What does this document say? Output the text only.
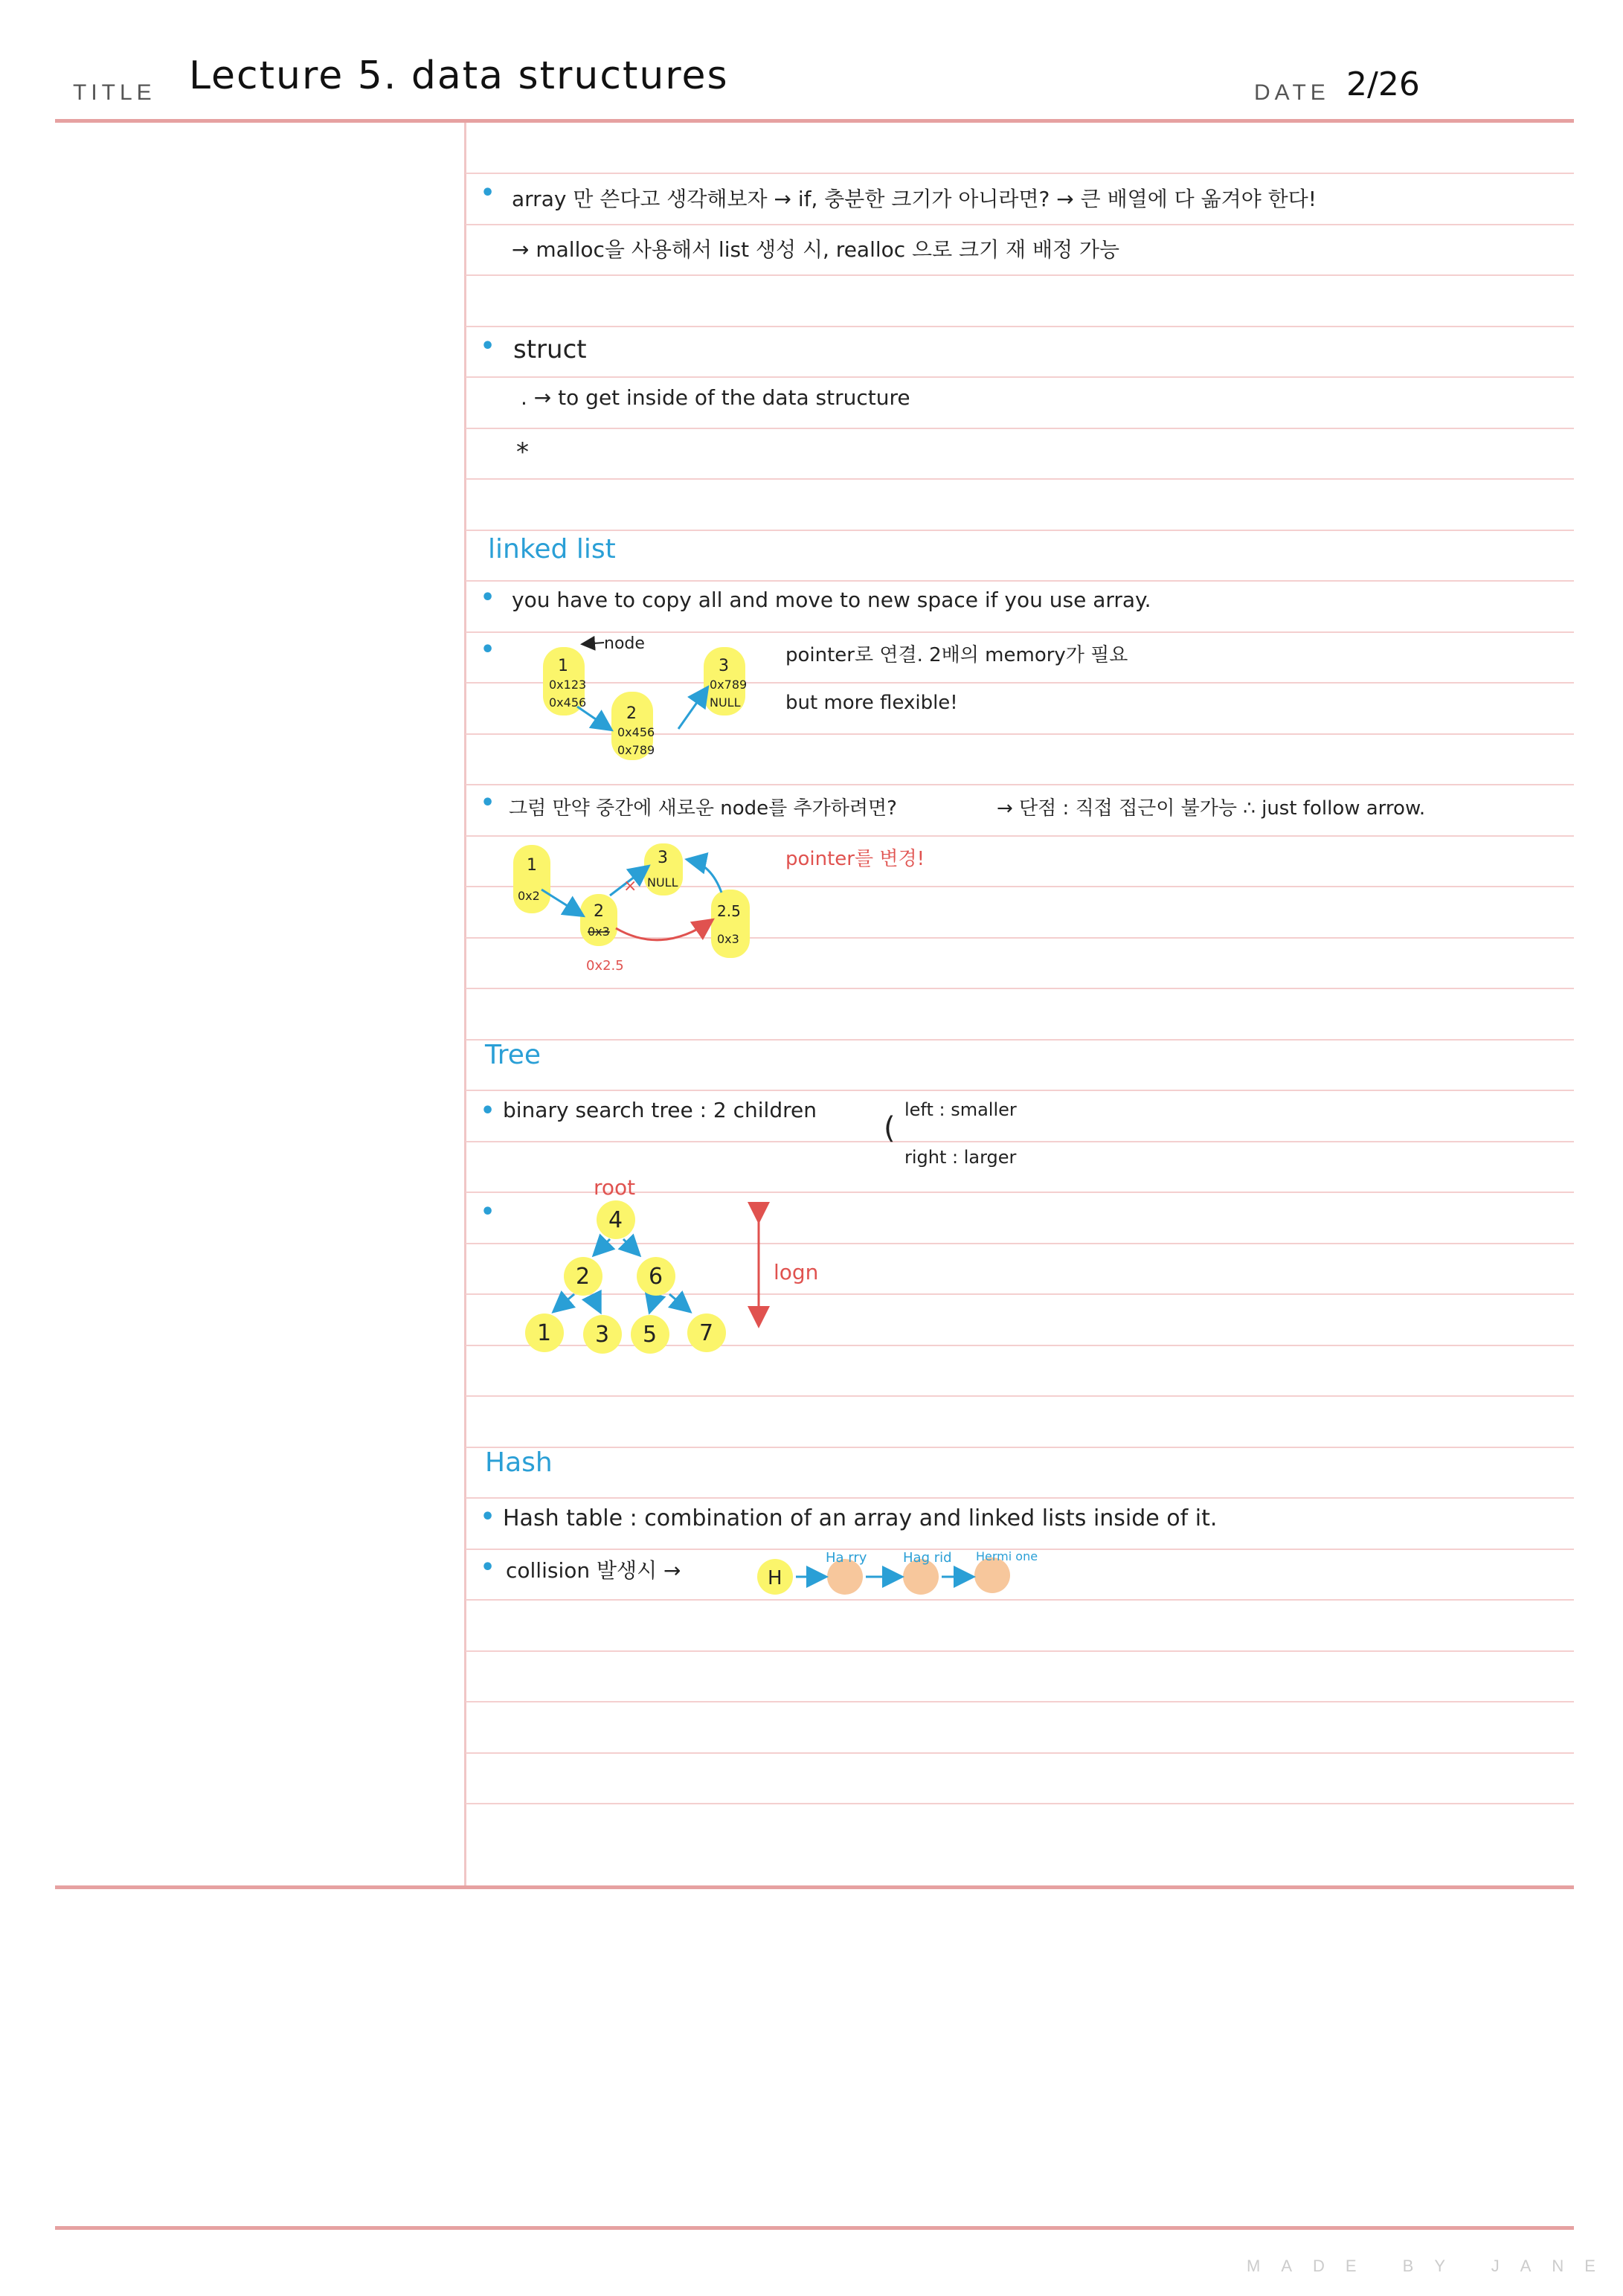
TITLE Lecture 5. data structures	DATE 2/26
• array 만 쓴다고 생각해보자 → if, 충분한 크기가 아니라면? → 큰 배열에 다 옮겨야 한다!
→ malloc을 사용해서 list 생성 시, realloc 으로 크기 재 배정 가능
• struct
. → to get inside of the data structure
*
linked list
• you have to copy all and move to new space if you use array.
•	pointer로 연결. 2배의 memory가 필요
but more flexible!
node
1
0x123
0x456
2
0x456
0x789
3
0x789
NULL
• 그럼 만약 중간에 새로운 node를 추가하려면?	→ 단점 : 직접 접근이 불가능 ∴ just follow arrow.
×
1
0x2
2
0x3
0x2.5
3
NULL
2.5
0x3
pointer를 변경!
Tree
• binary search tree : 2 children
(
left : smaller
right : larger
•
root
4
2	6
1 3 5 7
logn
Hash
• Hash table : combination of an array and linked lists inside of it.
• collision 발생시 →	H
Ha rry	Hag rid Hermi one
MADE BY JANE
